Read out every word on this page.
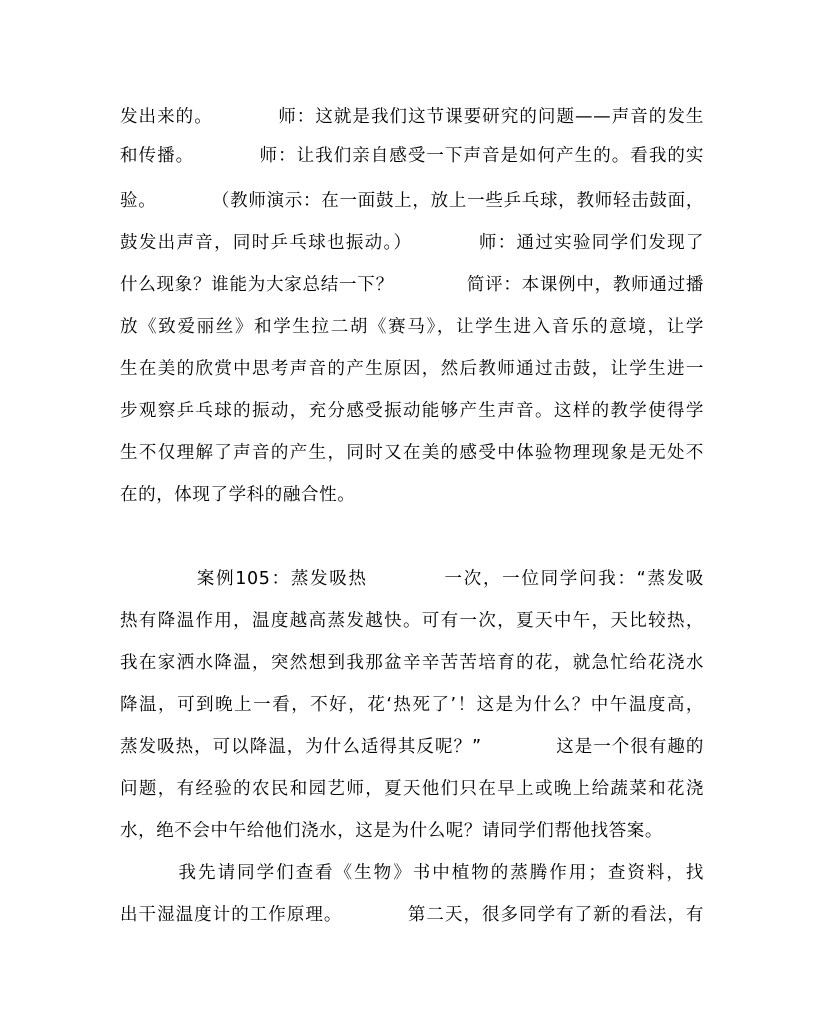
发出来的。　　　　师：这就是我们这节课要研究的问题——声音的发生
和传播。　　　　师：让我们亲自感受一下声音是如何产生的。看我的实
验。　　　　（教师演示：在一面鼓上，放上一些乒乓球，教师轻击鼓面，
鼓发出声音，同时乒乓球也振动。）　　　　师：通过实验同学们发现了
什么现象？谁能为大家总结一下？　　　　简评：本课例中，教师通过播
放《致爱丽丝》和学生拉二胡《赛马》，让学生进入音乐的意境，让学
生在美的欣赏中思考声音的产生原因，然后教师通过击鼓，让学生进一
步观察乒乓球的振动，充分感受振动能够产生声音。这样的教学使得学
生不仅理解了声音的产生，同时又在美的感受中体验物理现象是无处不
在的，体现了学科的融合性。
　　　　案例105：蒸发吸热　　　　一次，一位同学问我：“蒸发吸
热有降温作用，温度越高蒸发越快。可有一次，夏天中午，天比较热，
我在家洒水降温，突然想到我那盆辛辛苦苦培育的花，就急忙给花浇水
降温，可到晚上一看，不好，花‘热死了’！这是为什么？中午温度高，
蒸发吸热，可以降温，为什么适得其反呢？”　　　　这是一个很有趣的
问题，有经验的农民和园艺师，夏天他们只在早上或晚上给蔬菜和花浇
水，绝不会中午给他们浇水，这是为什么呢？请同学们帮他找答案。
　　　我先请同学们查看《生物》书中植物的蒸腾作用；查资料，找
出干湿温度计的工作原理。　　　　第二天，很多同学有了新的看法，有
